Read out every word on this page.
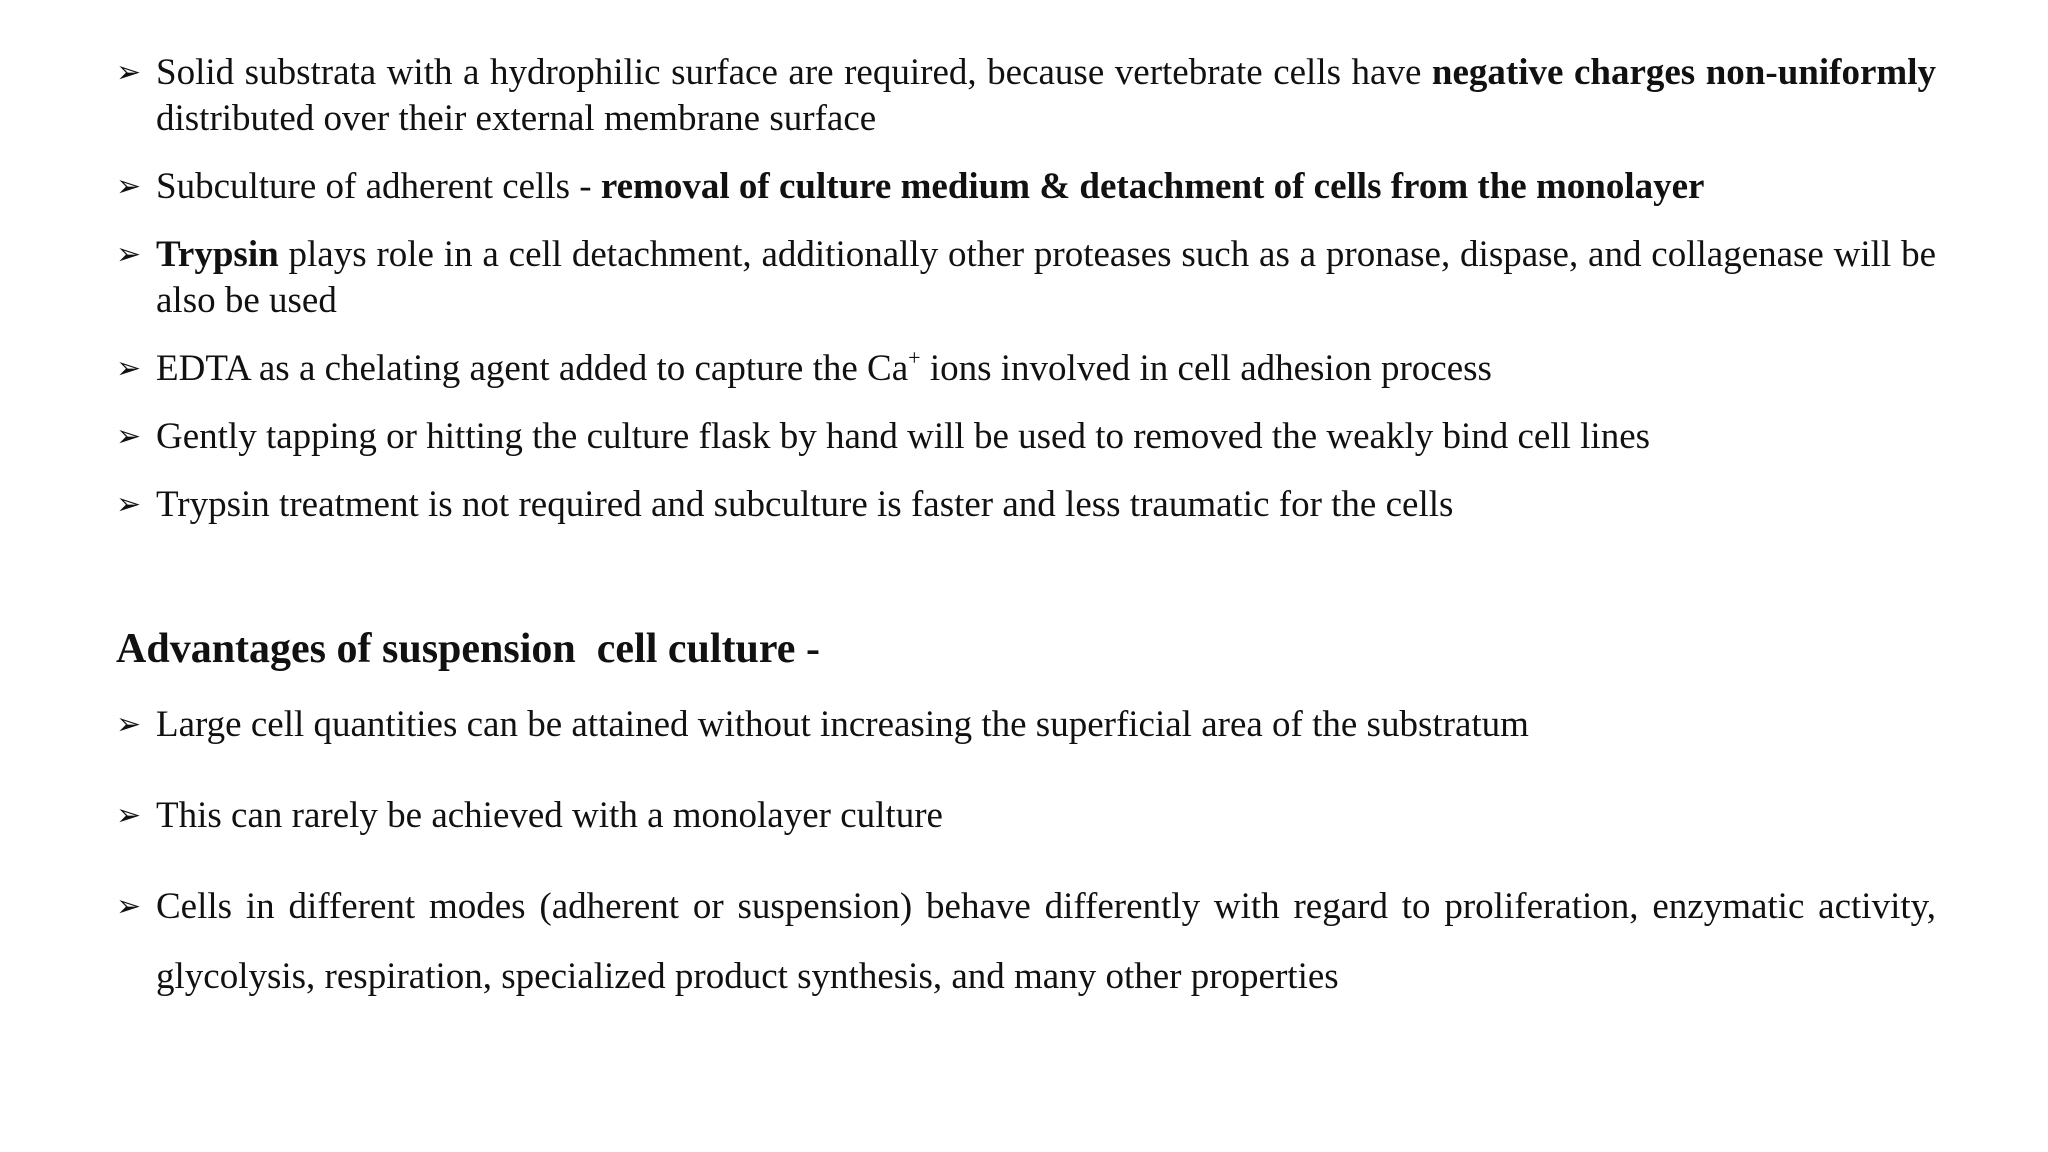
➢ Solid substrata with a hydrophilic surface are required, because vertebrate cells have negative charges non-uniformly distributed over their external membrane surface
➢ Subculture of adherent cells - removal of culture medium & detachment of cells from the monolayer
➢ Trypsin plays role in a cell detachment, additionally other proteases such as a pronase, dispase, and collagenase will be also be used
➢ EDTA as a chelating agent added to capture the Ca+ ions involved in cell adhesion process
➢ Gently tapping or hitting the culture flask by hand will be used to removed the weakly bind cell lines
➢ Trypsin treatment is not required and subculture is faster and less traumatic for the cells
Advantages of suspension  cell culture -
➢ Large cell quantities can be attained without increasing the superficial area of the substratum
➢ This can rarely be achieved with a monolayer culture
➢ Cells in different modes (adherent or suspension) behave differently with regard to proliferation, enzymatic activity, glycolysis, respiration, specialized product synthesis, and many other properties
